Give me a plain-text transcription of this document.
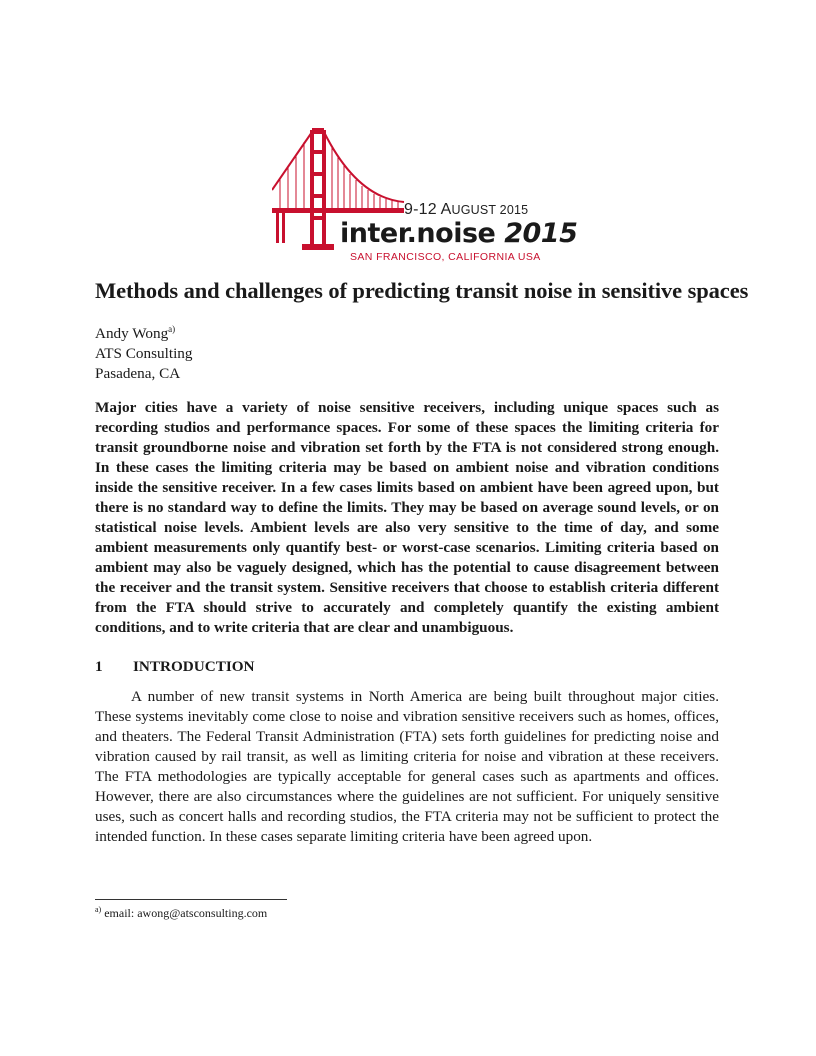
9-12 AUGUST 2015
inter.noise 2015
SAN FRANCISCO, CALIFORNIA USA
Methods and challenges of predicting transit noise in sensitive spaces
Andy Wong$^{a)}$
ATS Consulting
Pasadena, CA

Major cities have a variety of noise sensitive receivers, including unique spaces such as recording studios and performance spaces. For some of these spaces the limiting criteria for transit groundborne noise and vibration set forth by the FTA is not considered strong enough. In these cases the limiting criteria may be based on ambient noise and vibration conditions inside the sensitive receiver. In a few cases limits based on ambient have been agreed upon, but there is no standard way to define the limits. They may be based on average sound levels, or on statistical noise levels. Ambient levels are also very sensitive to the time of day, and some ambient measurements only quantify best- or worst-case scenarios. Limiting criteria based on ambient may also be vaguely designed, which has the potential to cause disagreement between the receiver and the transit system. Sensitive receivers that choose to establish criteria different from the FTA should strive to accurately and completely quantify the existing ambient conditions, and to write criteria that are clear and unambiguous.

1 INTRODUCTION

A number of new transit systems in North America are being built throughout major cities. These systems inevitably come close to noise and vibration sensitive receivers such as homes, offices, and theaters. The Federal Transit Administration (FTA) sets forth guidelines for predicting noise and vibration caused by rail transit, as well as limiting criteria for noise and vibration at these receivers. The FTA methodologies are typically acceptable for general cases such as apartments and offices. However, there are also circumstances where the guidelines are not sufficient. For uniquely sensitive uses, such as concert halls and recording studios, the FTA criteria may not be sufficient to protect the intended function. In these cases separate limiting criteria have been agreed upon.

$^{a)}$ email: awong@atsconsulting.com
